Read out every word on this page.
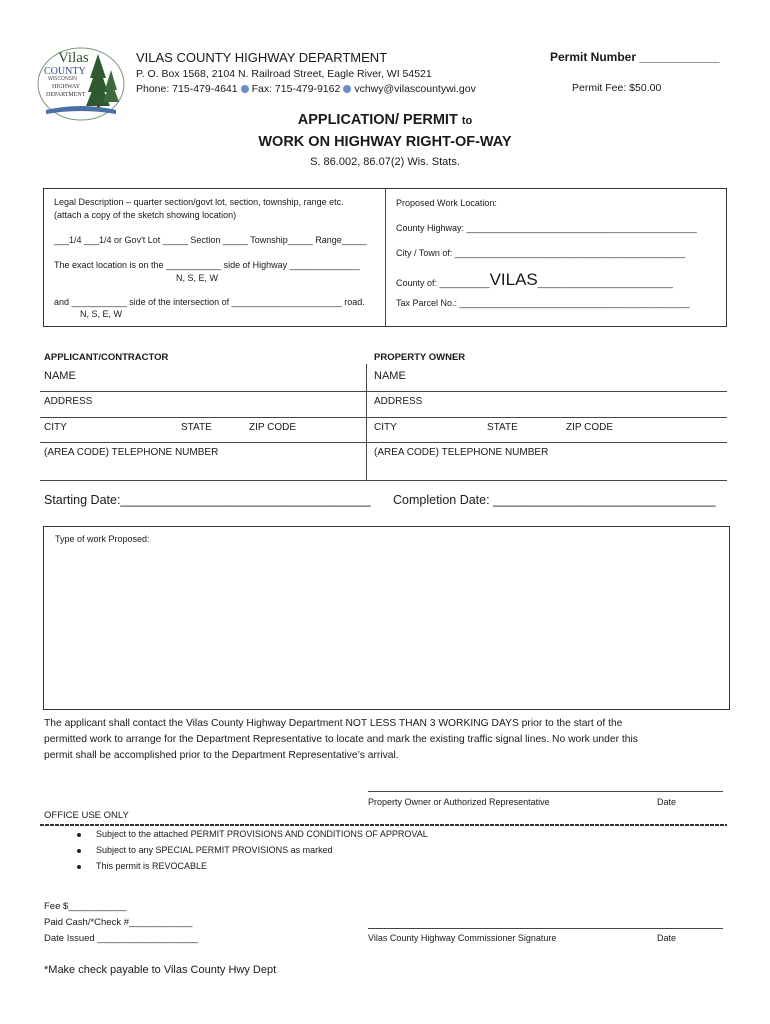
Vilas
COUNTY
WISCONSIN
HIGHWAY
DEPARTMENT
VILAS COUNTY HIGHWAY DEPARTMENT
P. O. Box 1568, 2104 N. Railroad Street, Eagle River, WI 54521
Phone: 715-479-4641 Fax: 715-479-9162 vchwy@vilascountywi.gov
Permit Number ____________
Permit Fee: $50.00
APPLICATION/ PERMIT to
WORK ON HIGHWAY RIGHT-OF-WAY
S. 86.002, 86.07(2) Wis. Stats.
Legal Description – quarter section/govt lot, section, township, range etc.
(attach a copy of the sketch showing location)
___1/4 ___1/4 or Gov't Lot _____ Section _____ Township_____ Range_____
The exact location is on the ___________ side of Highway ______________
N, S, E, W
and ___________ side of the intersection of ______________________ road.
N, S, E, W
Proposed Work Location:
County Highway: ______________________________________________
City / Town of: ______________________________________________
County of: __________VILAS___________________________
Tax Parcel No.: ______________________________________________
APPLICANT/CONTRACTOR	PROPERTY OWNER
NAME	NAME
ADDRESS	ADDRESS
CITY	STATE	ZIP CODE	CITY	STATE	ZIP CODE
(AREA CODE) TELEPHONE NUMBER	(AREA CODE) TELEPHONE NUMBER
Starting Date:____________________________________ Completion Date: ________________________________
Type of work Proposed:
The applicant shall contact the Vilas County Highway Department NOT LESS THAN 3 WORKING DAYS prior to the start of the
permitted work to arrange for the Department Representative to locate and mark the existing traffic signal lines. No work under this
permit shall be accomplished prior to the Department Representative’s arrival.
Property Owner or Authorized Representative	Date
OFFICE USE ONLY
Subject to the attached PERMIT PROVISIONS AND CONDITIONS OF APPROVAL
Subject to any SPECIAL PERMIT PROVISIONS as marked
This permit is REVOCABLE
Fee $___________
Paid Cash/*Check #____________
Date Issued ___________________	Vilas County Highway Commissioner Signature	Date
*Make check payable to Vilas County Hwy Dept
